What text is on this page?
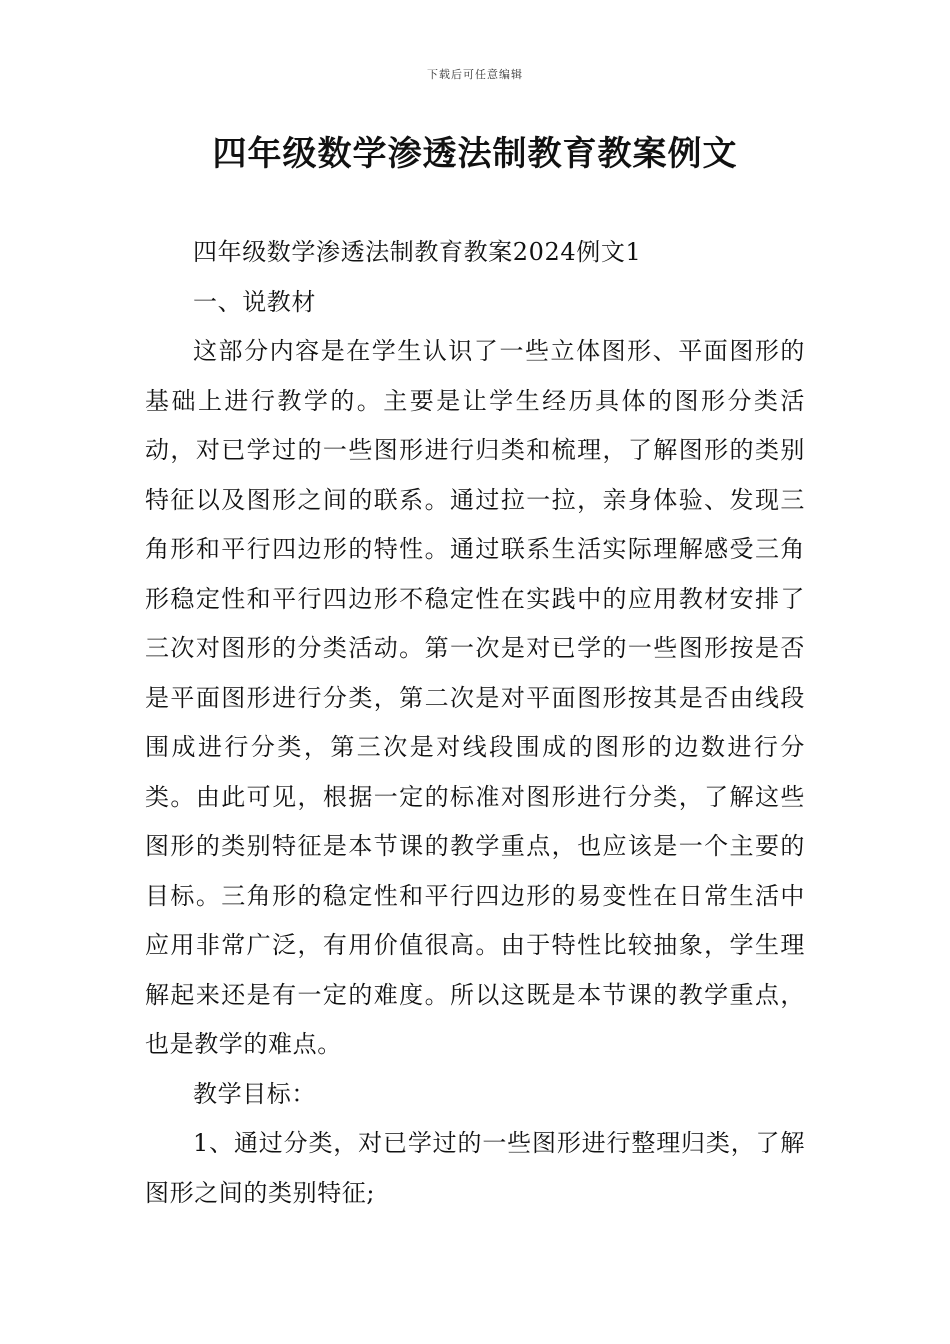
下载后可任意编辑
四年级数学渗透法制教育教案例文

四年级数学渗透法制教育教案2024例文1

一、说教材

这部分内容是在学生认识了一些立体图形、平面图形的基础上进行教学的。主要是让学生经历具体的图形分类活动，对已学过的一些图形进行归类和梳理，了解图形的类别特征以及图形之间的联系。通过拉一拉，亲身体验、发现三角形和平行四边形的特性。通过联系生活实际理解感受三角形稳定性和平行四边形不稳定性在实践中的应用教材安排了三次对图形的分类活动。第一次是对已学的一些图形按是否是平面图形进行分类，第二次是对平面图形按其是否由线段围成进行分类，第三次是对线段围成的图形的边数进行分类。由此可见，根据一定的标准对图形进行分类，了解这些图形的类别特征是本节课的教学重点，也应该是一个主要的目标。三角形的稳定性和平行四边形的易变性在日常生活中应用非常广泛，有用价值很高。由于特性比较抽象，学生理解起来还是有一定的难度。所以这既是本节课的教学重点，也是教学的难点。

教学目标：

1、通过分类，对已学过的一些图形进行整理归类，了解图形之间的类别特征;
